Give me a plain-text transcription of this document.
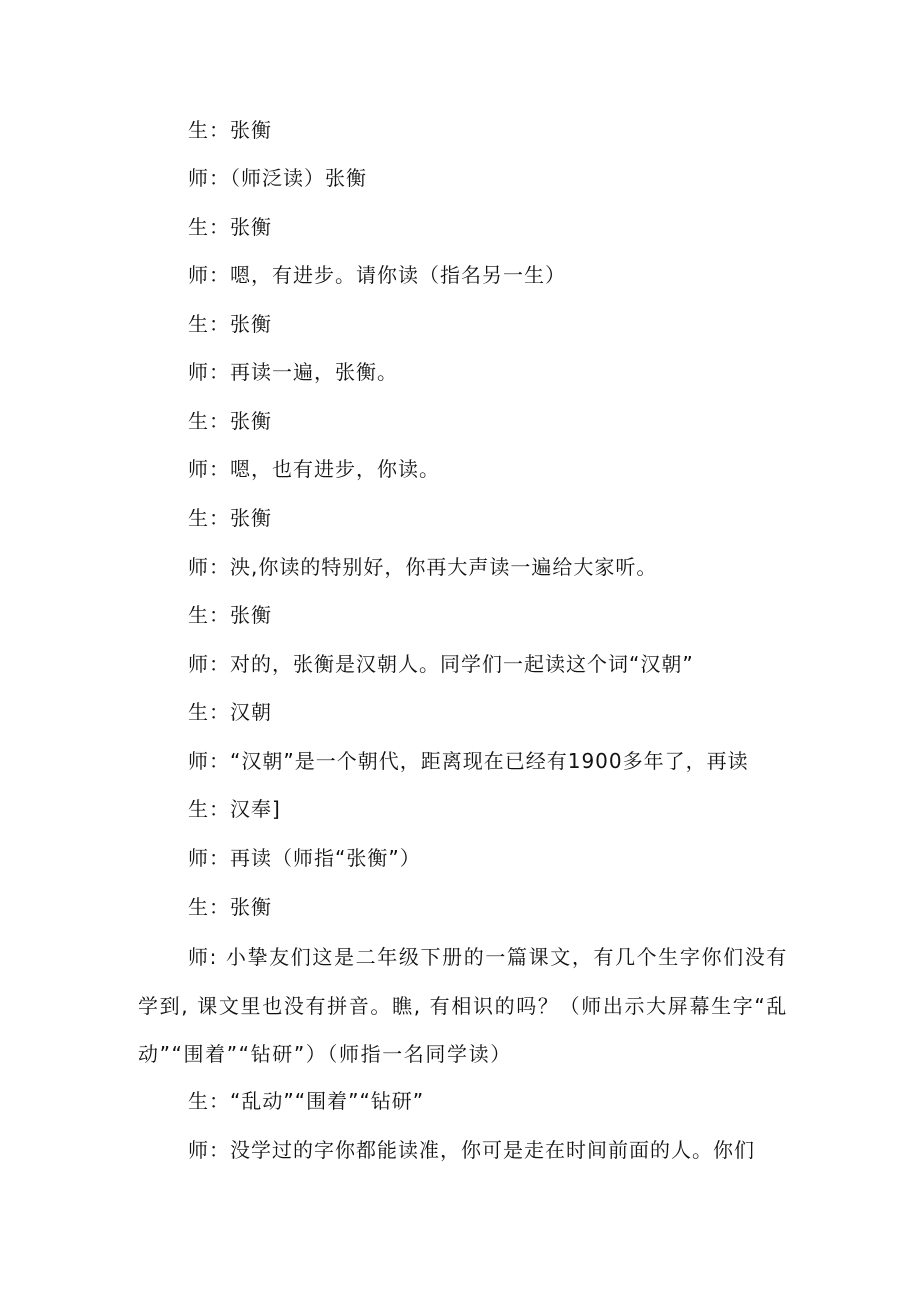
生：张衡
师：（师泛读）张衡
生：张衡
师：嗯，有进步。请你读（指名另一生）
生：张衡
师：再读一遍，张衡。
生：张衡
师：嗯，也有进步，你读。
生：张衡
师：泱,你读的特别好，你再大声读一遍给大家听。
生：张衡
师：对的，张衡是汉朝人。同学们一起读这个词“汉朝”
生：汉朝
师：“汉朝”是一个朝代，距离现在已经有1900多年了，再读
生：汉奉]
师：再读（师指“张衡”）
生：张衡
师: 小挚友们这是二年级下册的一篇课文，有几个生字你们没有学到, 课文里也没有拼音。瞧, 有相识的吗？（师出示大屏幕生字“乱动”“围着”“钻研”）（师指一名同学读）
生：“乱动”“围着”“钻研”
师：没学过的字你都能读准，你可是走在时间前面的人。你们
